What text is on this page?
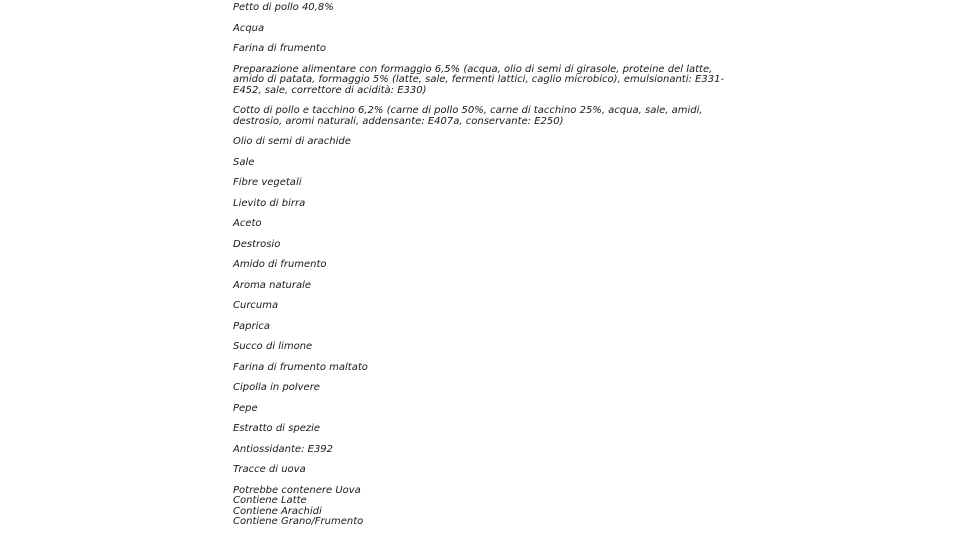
Petto di pollo 40,8%
Acqua
Farina di frumento
Preparazione alimentare con formaggio 6,5% (acqua, olio di semi di girasole, proteine del latte, amido di patata, formaggio 5% (latte, sale, fermenti lattici, caglio microbico), emulsionanti: E331-E452, sale, correttore di acidità: E330)
Cotto di pollo e tacchino 6,2% (carne di pollo 50%, carne di tacchino 25%, acqua, sale, amidi, destrosio, aromi naturali, addensante: E407a, conservante: E250)
Olio di semi di arachide
Sale
Fibre vegetali
Lievito di birra
Aceto
Destrosio
Amido di frumento
Aroma naturale
Curcuma
Paprica
Succo di limone
Farina di frumento maltato
Cipolla in polvere
Pepe
Estratto di spezie
Antiossidante: E392
Tracce di uova
Potrebbe contenere Uova
Contiene Latte
Contiene Arachidi
Contiene Grano/Frumento
